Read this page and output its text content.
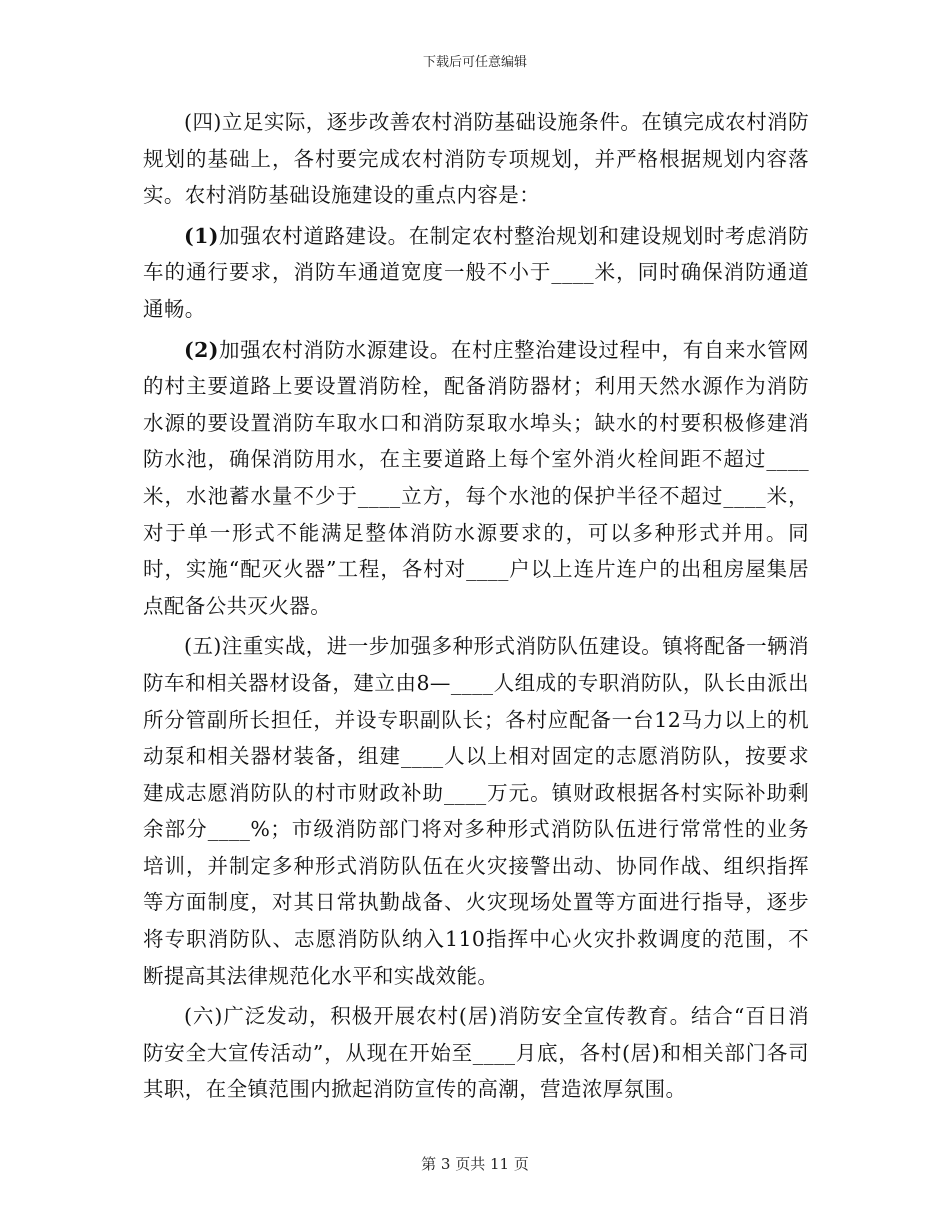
下载后可任意编辑

(四)立足实际，逐步改善农村消防基础设施条件。在镇完成农村消防规划的基础上，各村要完成农村消防专项规划，并严格根据规划内容落实。农村消防基础设施建设的重点内容是：

(1)加强农村道路建设。在制定农村整治规划和建设规划时考虑消防车的通行要求，消防车通道宽度一般不小于____米，同时确保消防通道通畅。

(2)加强农村消防水源建设。在村庄整治建设过程中，有自来水管网的村主要道路上要设置消防栓，配备消防器材；利用天然水源作为消防水源的要设置消防车取水口和消防泵取水埠头；缺水的村要积极修建消防水池，确保消防用水，在主要道路上每个室外消火栓间距不超过____米，水池蓄水量不少于____立方，每个水池的保护半径不超过____米，对于单一形式不能满足整体消防水源要求的，可以多种形式并用。同时，实施“配灭火器”工程，各村对____户以上连片连户的出租房屋集居点配备公共灭火器。

(五)注重实战，进一步加强多种形式消防队伍建设。镇将配备一辆消防车和相关器材设备，建立由8—____人组成的专职消防队，队长由派出所分管副所长担任，并设专职副队长；各村应配备一台12马力以上的机动泵和相关器材装备，组建____人以上相对固定的志愿消防队，按要求建成志愿消防队的村市财政补助____万元。镇财政根据各村实际补助剩余部分____%；市级消防部门将对多种形式消防队伍进行常常性的业务培训，并制定多种形式消防队伍在火灾接警出动、协同作战、组织指挥等方面制度，对其日常执勤战备、火灾现场处置等方面进行指导，逐步将专职消防队、志愿消防队纳入110指挥中心火灾扑救调度的范围，不断提高其法律规范化水平和实战效能。

(六)广泛发动，积极开展农村(居)消防安全宣传教育。结合“百日消防安全大宣传活动”，从现在开始至____月底，各村(居)和相关部门各司其职，在全镇范围内掀起消防宣传的高潮，营造浓厚氛围。

第 3 页共 11 页
